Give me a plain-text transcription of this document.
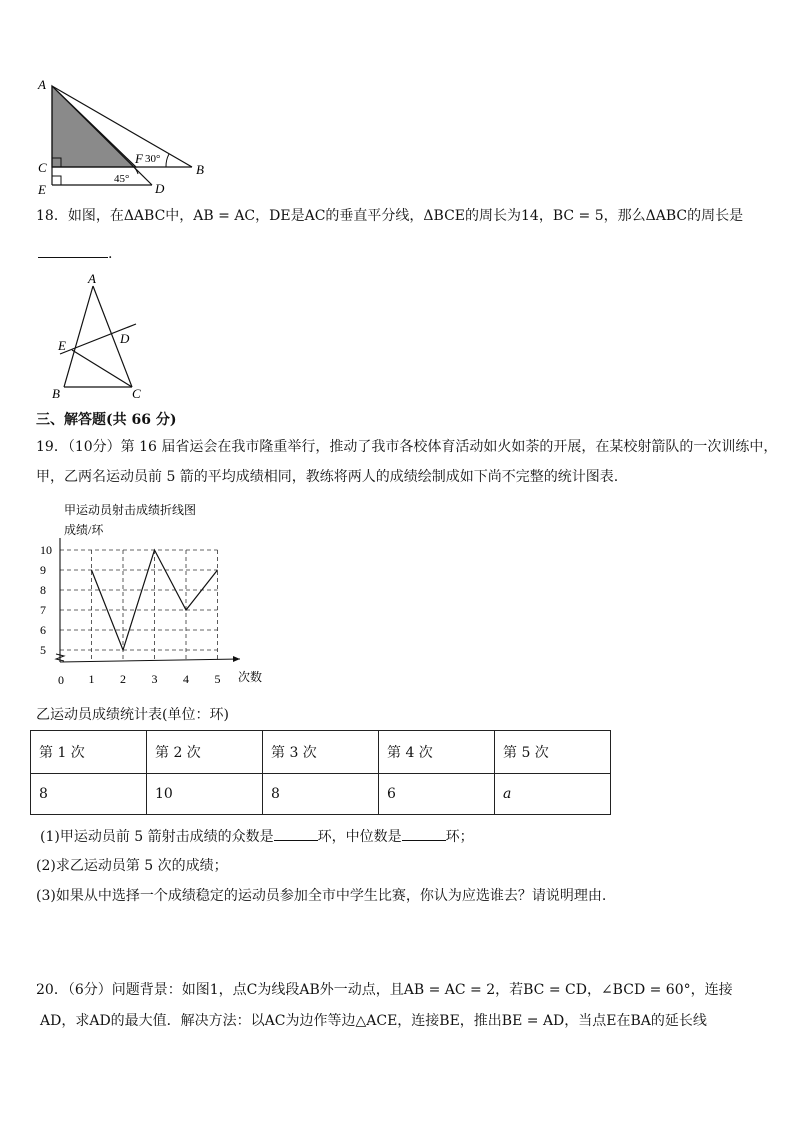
A
C
E
F
B
D
30°
45°
18．如图，在ΔABC中，AB = AC，DE是AC的垂直平分线，ΔBCE的周长为14，BC = 5，那么ΔABC的周长是
.
A
D
E
B	C
三、解答题(共 66 分)
19．（10分）第 16 届省运会在我市隆重举行，推动了我市各校体育活动如火如荼的开展，在某校射箭队的一次训练中，
甲，乙两名运动员前 5 箭的平均成绩相同，教练将两人的成绩绘制成如下尚不完整的统计图表.
甲运动员射击成绩折线图
成绩/环
次数
0
5
6
7
8
9
10
1 2 3 4 5
乙运动员成绩统计表(单位：环)
第 1 次	第 2 次	第 3 次	第 4 次	第 5 次
8	10	8	6	a
(1)甲运动员前 5 箭射击成绩的众数是	环，中位数是	环；
(2)求乙运动员第 5 次的成绩；
(3)如果从中选择一个成绩稳定的运动员参加全市中学生比赛，你认为应选谁去？请说明理由.
20．（6分）问题背景：如图1，点C为线段AB外一动点，且AB = AC = 2，若BC = CD，∠BCD = 60°，连接
AD，求AD的最大值．解决方法：以AC为边作等边△ACE，连接BE，推出BE = AD，当点E在BA的延长线
